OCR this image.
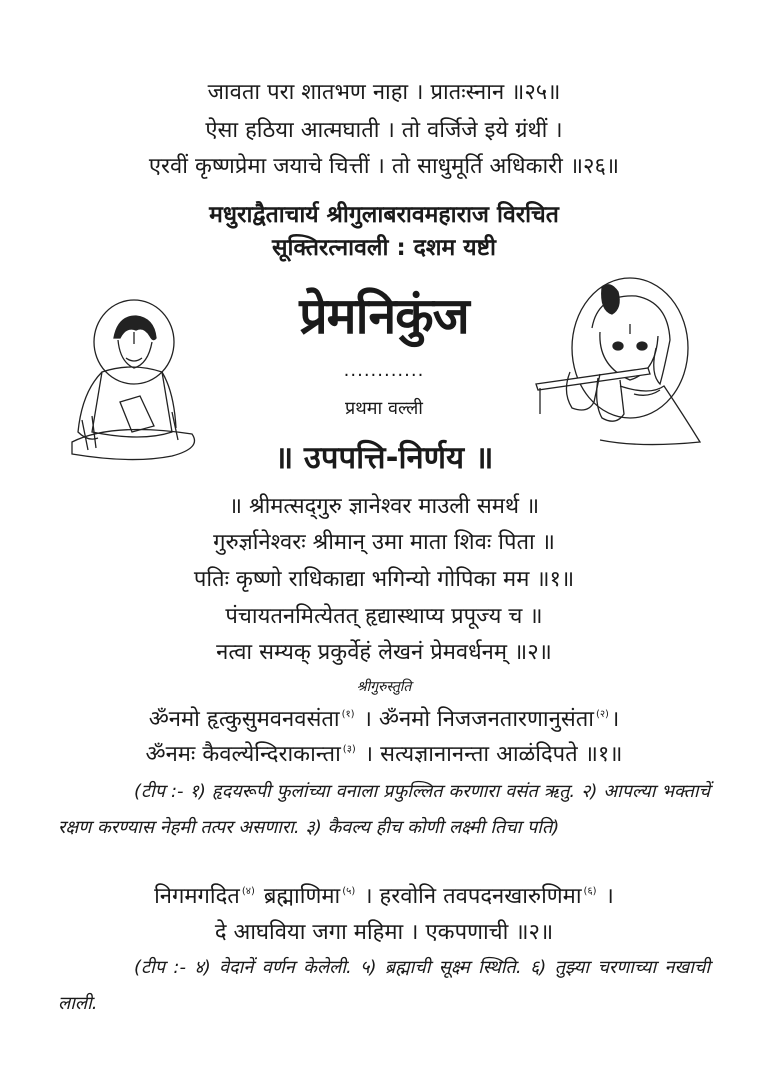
जावता परा शातभण नाहा । प्रातःस्नान ॥२५॥
ऐसा हठिया आत्मघाती । तो वर्जिजे इये ग्रंथीं ।
एरवीं कृष्णप्रेमा जयाचे चित्तीं । तो साधुमूर्ति अधिकारी ॥२६॥
मधुराद्वैताचार्य श्रीगुलाबरावमहाराज विरचित
सूक्तिरत्नावली : दशम यष्टी
प्रेमनिकुंज
............
प्रथमा वल्ली
॥ उपपत्ति-निर्णय ॥
॥ श्रीमत्सद्‌गुरु ज्ञानेश्वर माउली समर्थ ॥
गुरुर्ज्ञानेश्वरः श्रीमान् उमा माता शिवः पिता ॥
पतिः कृष्णो राधिकाद्या भगिन्यो गोपिका मम ॥१॥
पंचायतनमित्येतत् हृद्यास्थाप्य प्रपूज्य च ॥
नत्वा सम्यक् प्रकुर्वेहं लेखनं प्रेमवर्धनम् ॥२॥
श्रीगुरुस्तुति
ॐनमो हृत्कुसुमवनवसंता $^{(१)}$ । ॐनमो निजजनतारणानुसंता $^{(२)}$।
ॐनमः कैवल्येन्दिराकान्ता $^{(३)}$ । सत्यज्ञानानन्ता आळंदिपते ॥१॥
(टीप :- १) हृदयरूपी फुलांच्या वनाला प्रफुल्लित करणारा वसंत ऋतु. २) आपल्या भक्ताचें रक्षण करण्यास नेहमी तत्पर असणारा. ३) कैवल्य हीच कोणी लक्ष्मी तिचा पति)
निगमगदित $^{(४)}$ ब्रह्माणिमा $^{(५)}$ । हरवोनि तवपदनखारुणिमा $^{(६)}$ ।
दे आघविया जगा महिमा । एकपणाची ॥२॥
(टीप :- ४) वेदानें वर्णन केलेली. ५) ब्रह्माची सूक्ष्म स्थिति. ६) तुझ्या चरणाच्या नखाची लाली.
